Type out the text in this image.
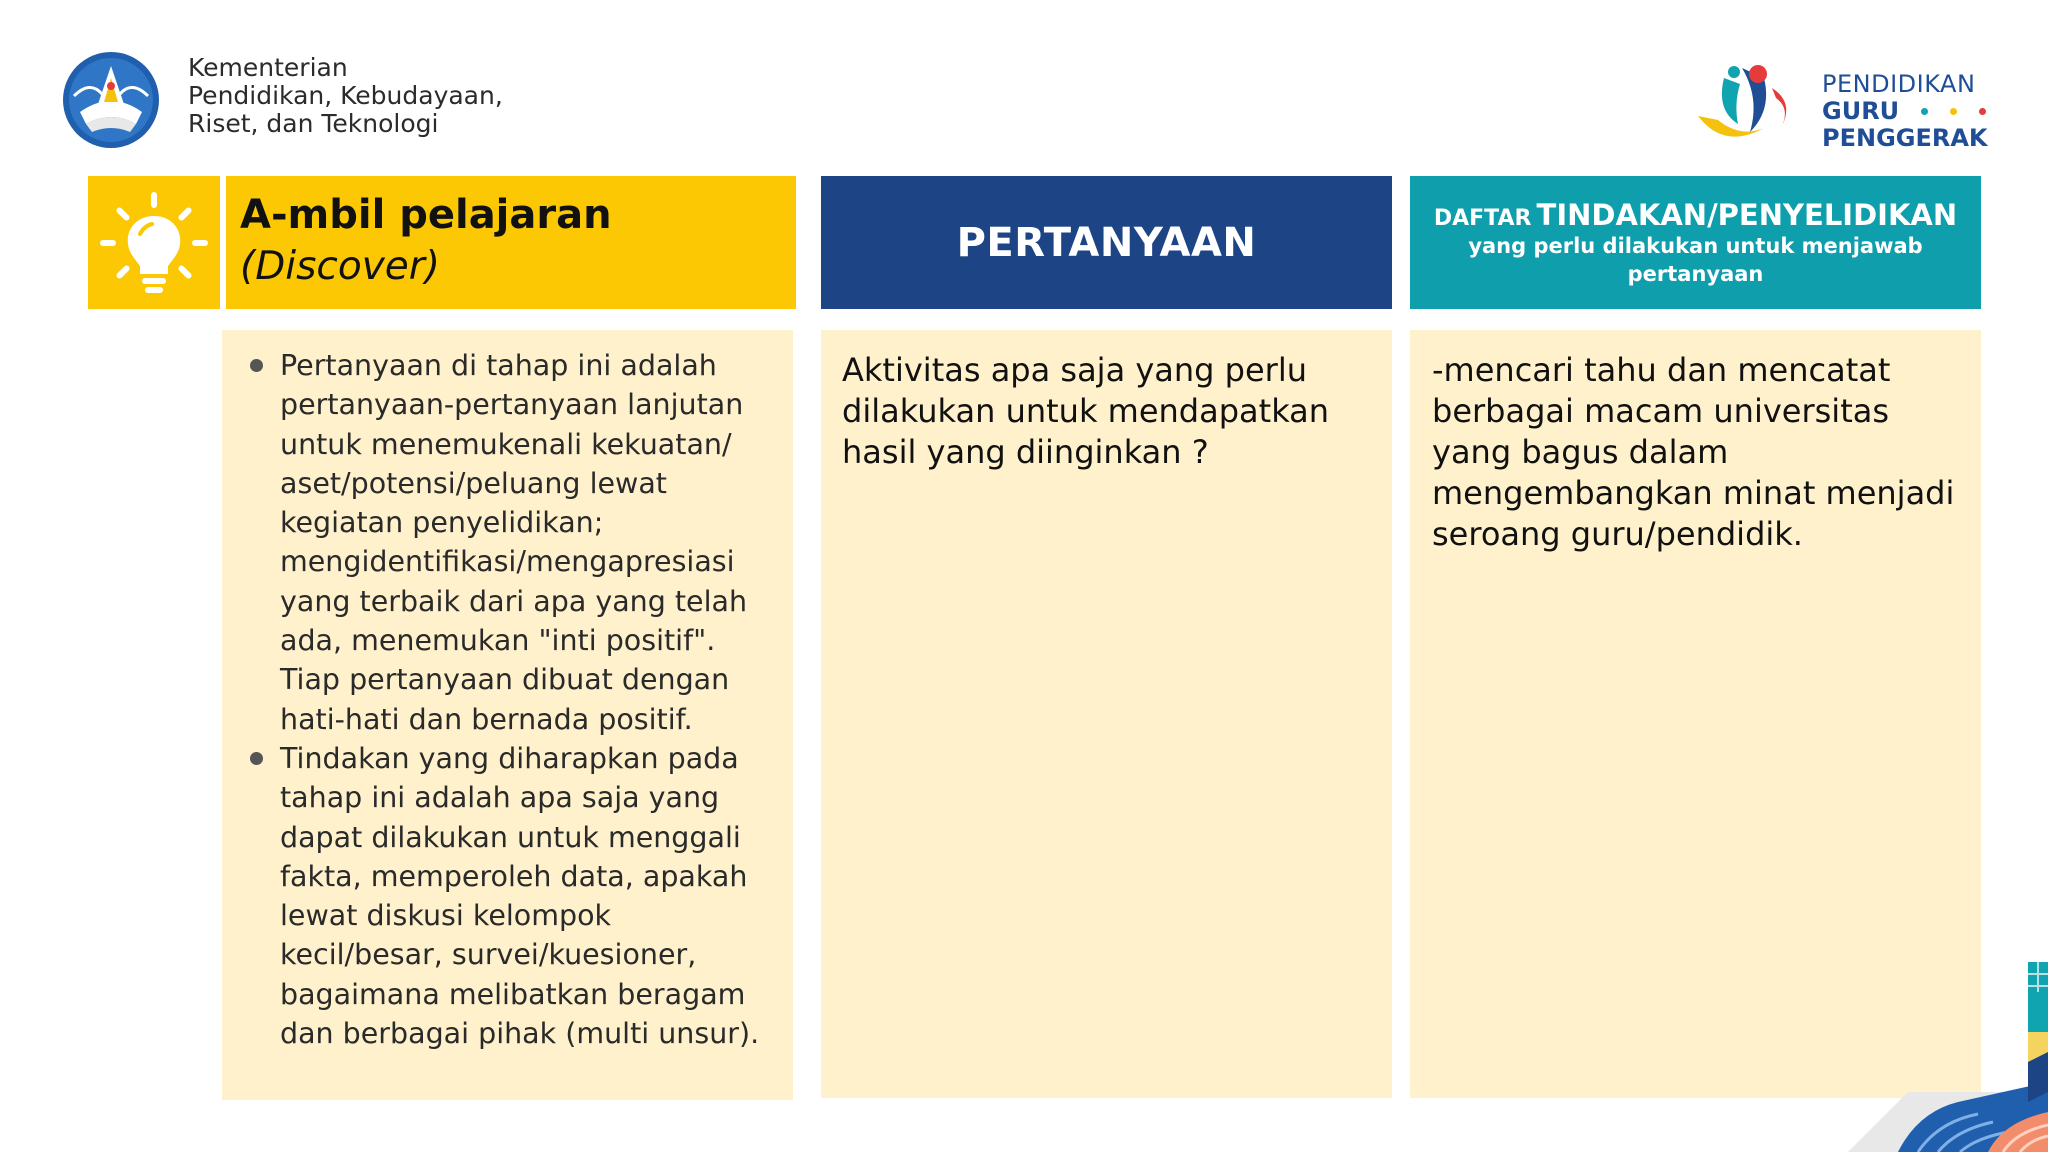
Kementerian
Pendidikan, Kebudayaan,
Riset, dan Teknologi
PENDIDIKAN
GURU
PENGGERAK
A-mbil pelajaran
(Discover)
PERTANYAAN
DAFTAR TINDAKAN/PENYELIDIKAN
yang perlu dilakukan untuk menjawab pertanyaan
Pertanyaan di tahap ini adalah
pertanyaan-pertanyaan lanjutan
untuk menemukenali kekuatan/
aset/potensi/peluang lewat
kegiatan penyelidikan;
mengidentifikasi/mengapresiasi
yang terbaik dari apa yang telah
ada, menemukan "inti positif".
Tiap pertanyaan dibuat dengan
hati-hati dan bernada positif.
Tindakan yang diharapkan pada
tahap ini adalah apa saja yang
dapat dilakukan untuk menggali
fakta, memperoleh data, apakah
lewat diskusi kelompok
kecil/besar, survei/kuesioner,
bagaimana melibatkan beragam
dan berbagai pihak (multi unsur).
Aktivitas apa saja yang perlu
dilakukan untuk mendapatkan
hasil yang diinginkan ?
-mencari tahu dan mencatat
berbagai macam universitas
yang bagus dalam
mengembangkan minat menjadi
seroang guru/pendidik.
